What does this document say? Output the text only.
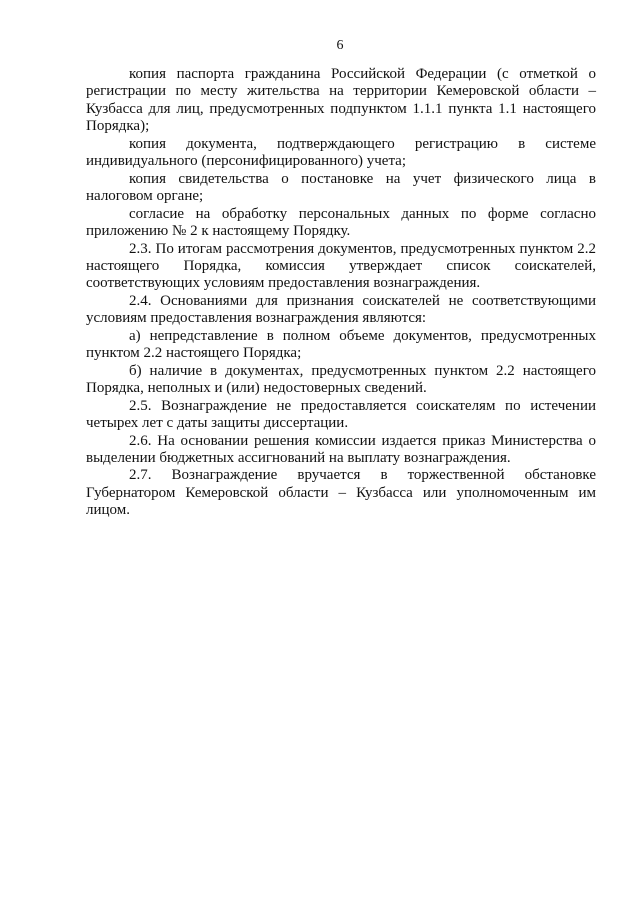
6

копия паспорта гражданина Российской Федерации (с отметкой о регистрации по месту жительства на территории Кемеровской области – Кузбасса для лиц, предусмотренных подпунктом 1.1.1 пункта 1.1 настоящего Порядка);

копия документа, подтверждающего регистрацию в системе индивидуального (персонифицированного) учета;

копия свидетельства о постановке на учет физического лица в налоговом органе;

согласие на обработку персональных данных по форме согласно приложению № 2 к настоящему Порядку.

2.3. По итогам рассмотрения документов, предусмотренных пунктом 2.2 настоящего Порядка, комиссия утверждает список соискателей, соответствующих условиям предоставления вознаграждения.

2.4. Основаниями для признания соискателей не соответствующими условиям предоставления вознаграждения являются:

а) непредставление в полном объеме документов, предусмотренных пунктом 2.2 настоящего Порядка;

б) наличие в документах, предусмотренных пунктом 2.2 настоящего Порядка, неполных и (или) недостоверных сведений.

2.5. Вознаграждение не предоставляется соискателям по истечении четырех лет с даты защиты диссертации.

2.6. На основании решения комиссии издается приказ Министерства о выделении бюджетных ассигнований на выплату вознаграждения.

2.7. Вознаграждение вручается в торжественной обстановке Губернатором Кемеровской области – Кузбасса или уполномоченным им лицом.
